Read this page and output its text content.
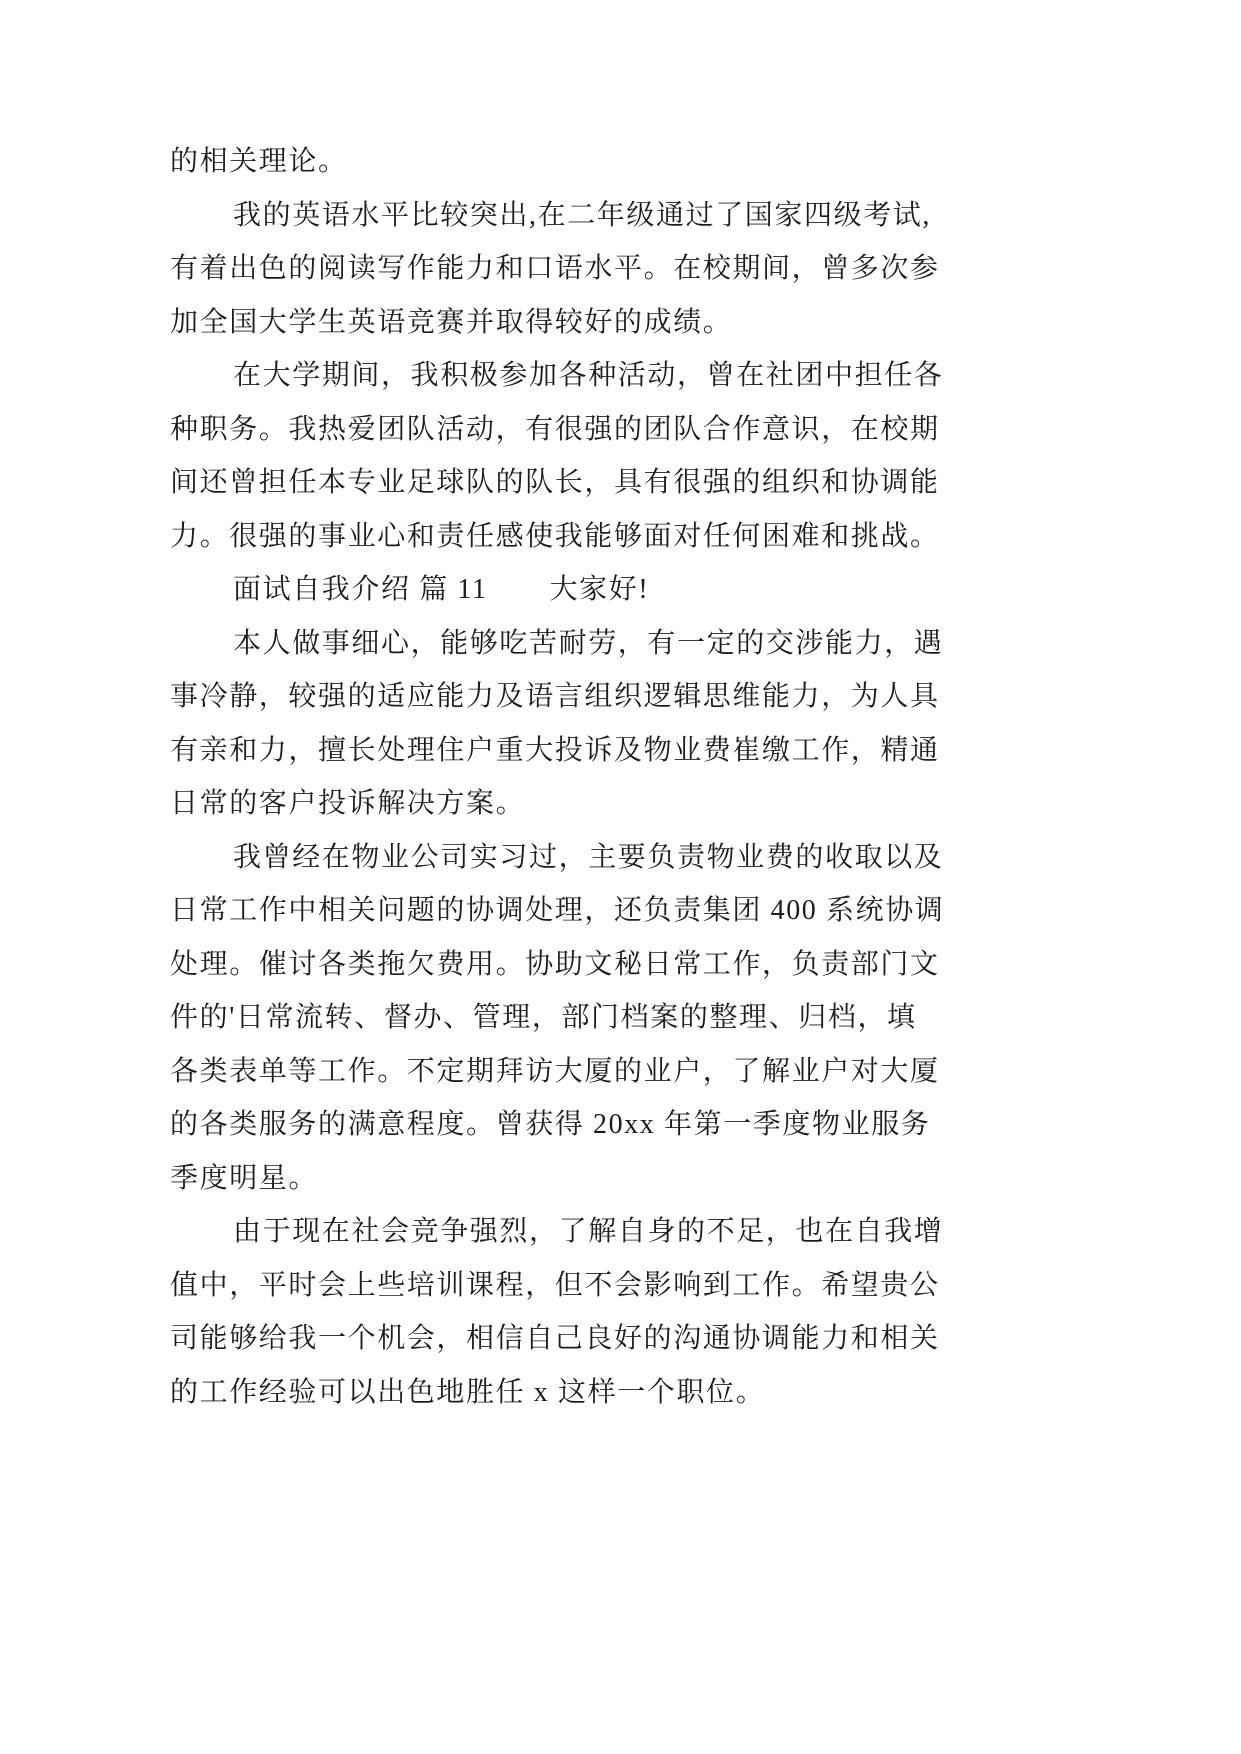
的相关理论。
我的英语水平比较突出,在二年级通过了国家四级考试,
有着出色的阅读写作能力和口语水平。在校期间，曾多次参
加全国大学生英语竞赛并取得较好的成绩。
在大学期间，我积极参加各种活动，曾在社团中担任各
种职务。我热爱团队活动，有很强的团队合作意识，在校期
间还曾担任本专业足球队的队长，具有很强的组织和协调能
力。很强的事业心和责任感使我能够面对任何困难和挑战。
面试自我介绍 篇 11 大家好!
本人做事细心，能够吃苦耐劳，有一定的交涉能力，遇
事冷静，较强的适应能力及语言组织逻辑思维能力，为人具
有亲和力，擅长处理住户重大投诉及物业费崔缴工作，精通
日常的客户投诉解决方案。
我曾经在物业公司实习过，主要负责物业费的收取以及
日常工作中相关问题的协调处理，还负责集团 400 系统协调
处理。催讨各类拖欠费用。协助文秘日常工作，负责部门文
件的'日常流转、督办、管理，部门档案的整理、归档，填
各类表单等工作。不定期拜访大厦的业户，了解业户对大厦
的各类服务的满意程度。曾获得 20xx 年第一季度物业服务
季度明星。
由于现在社会竞争强烈，了解自身的不足，也在自我增
值中，平时会上些培训课程，但不会影响到工作。希望贵公
司能够给我一个机会，相信自己良好的沟通协调能力和相关
的工作经验可以出色地胜任 x 这样一个职位。
